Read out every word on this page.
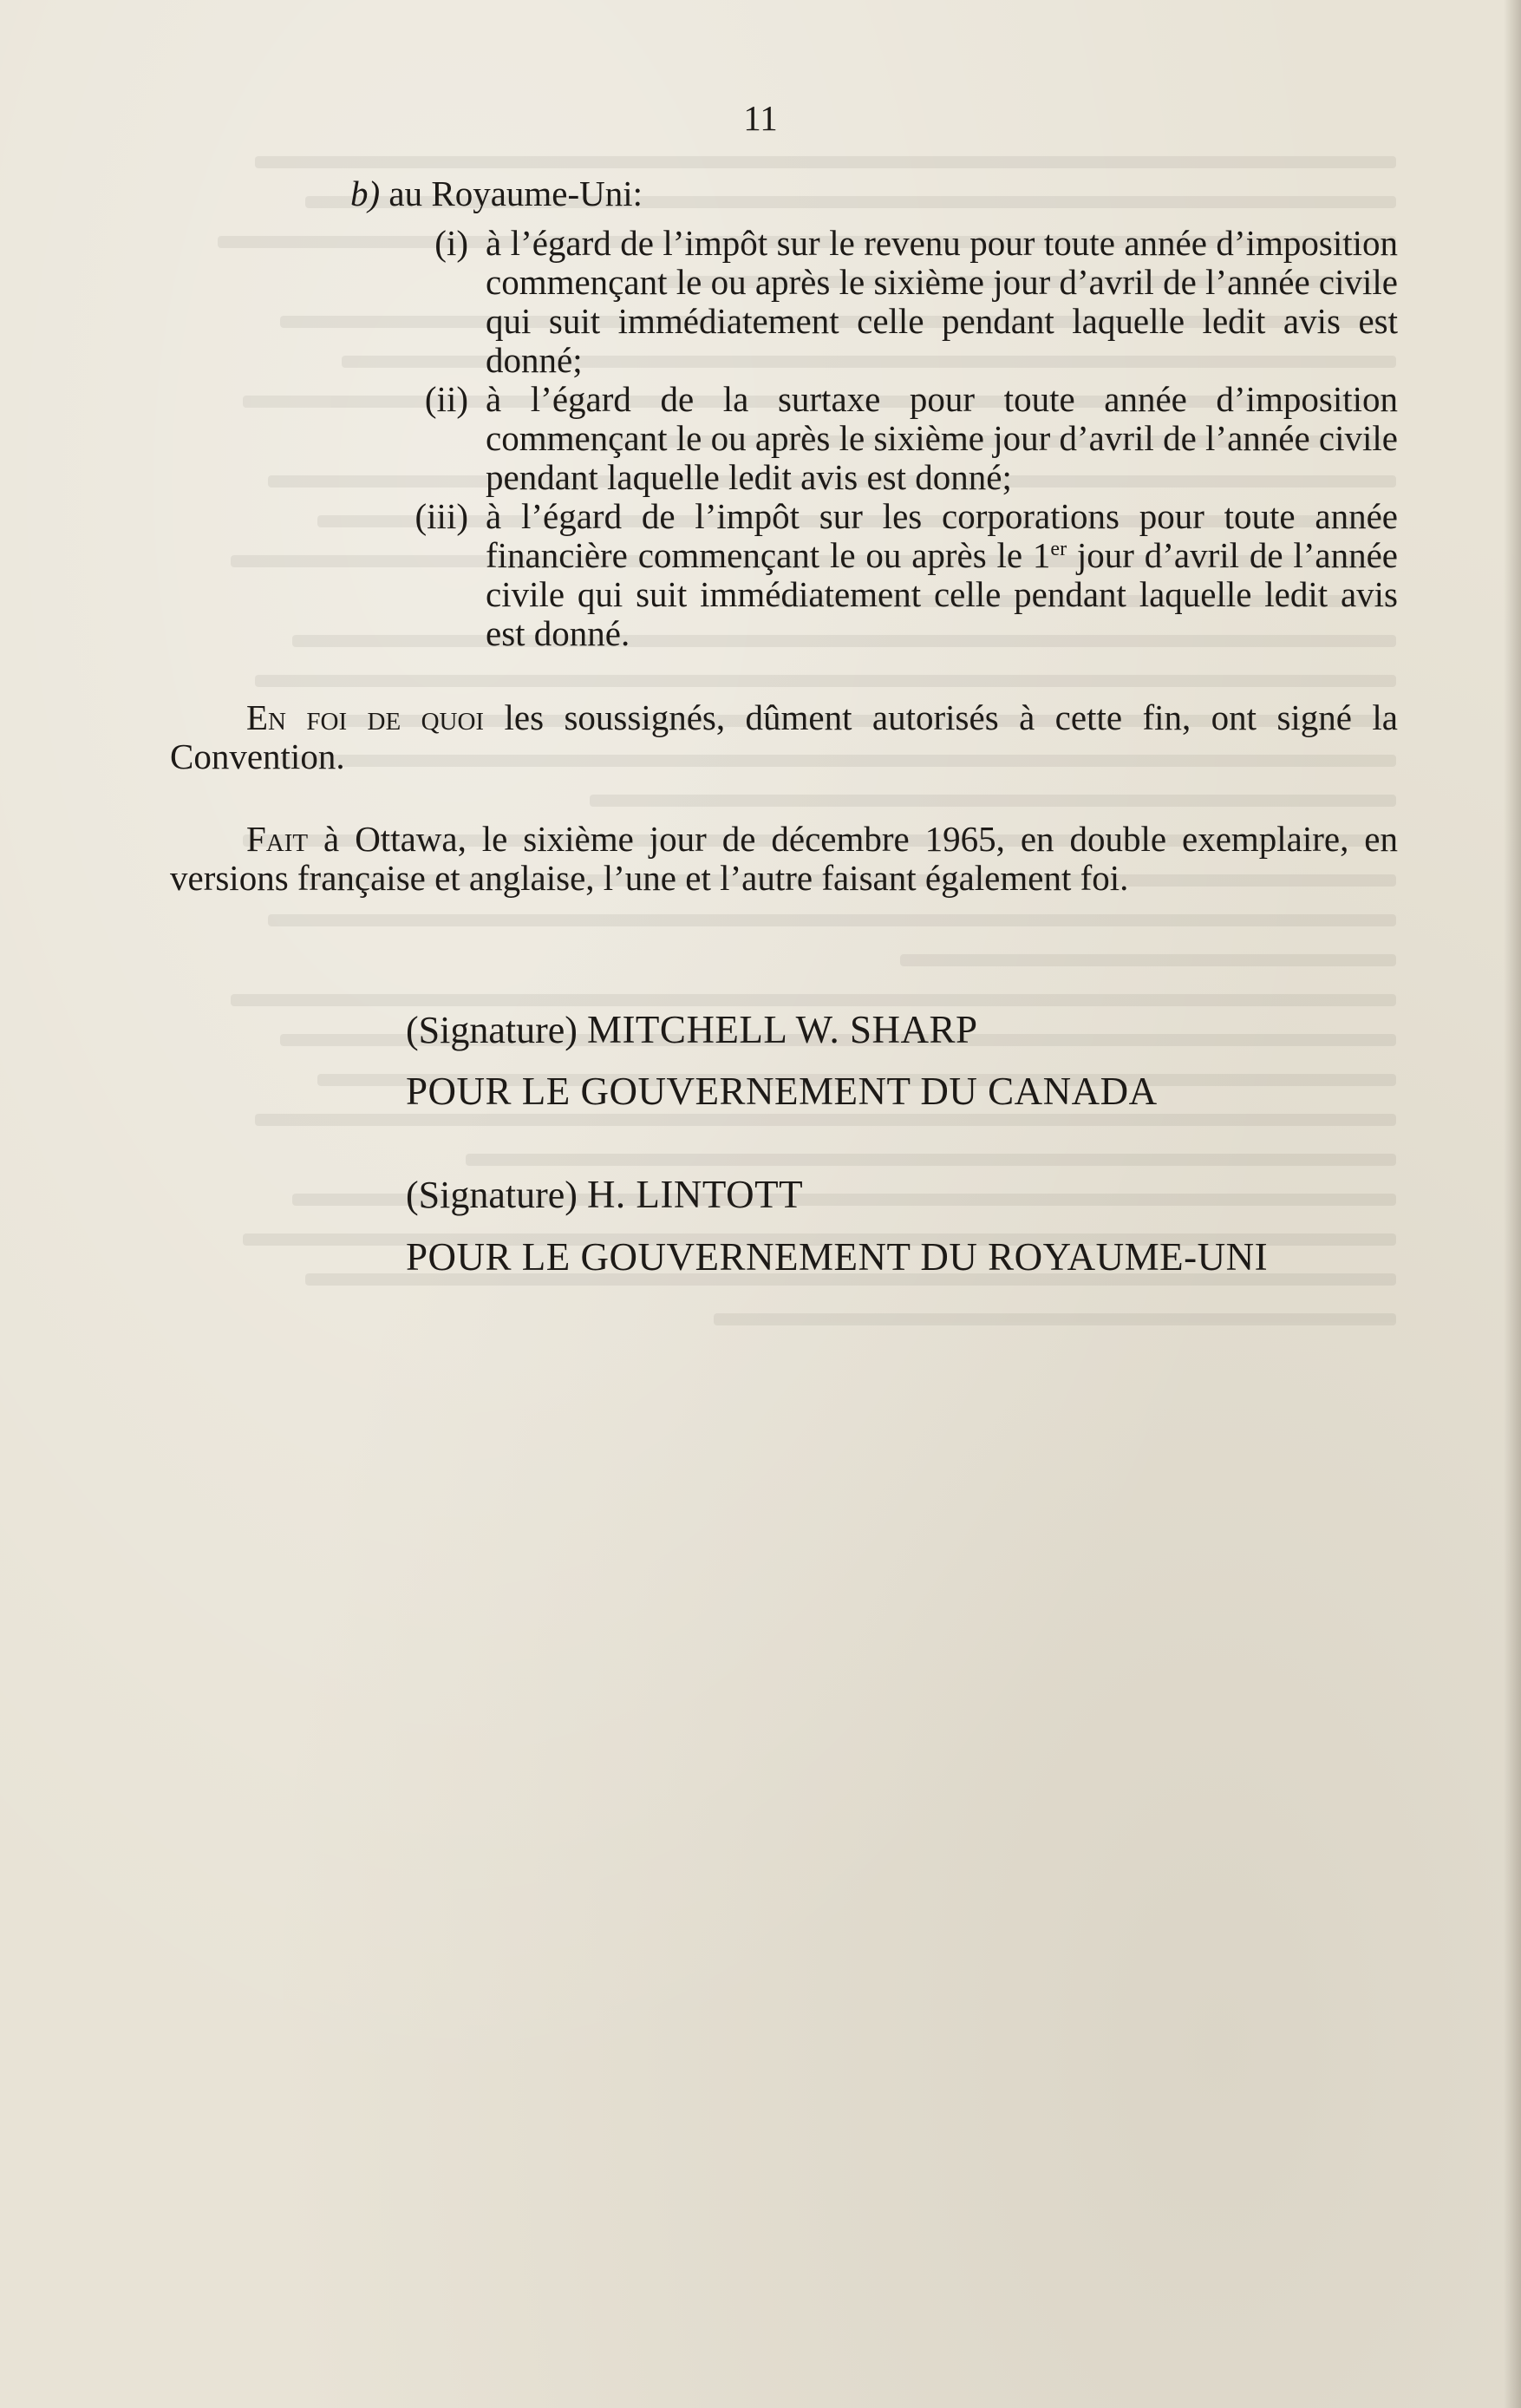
11
b) au Royaume-Uni:
(i) à l’égard de l’impôt sur le revenu pour toute année d’imposition commençant le ou après le sixième jour d’avril de l’année civile qui suit immédiatement celle pendant laquelle ledit avis est donné;
(ii) à l’égard de la surtaxe pour toute année d’imposition commençant le ou après le sixième jour d’avril de l’année civile pendant laquelle ledit avis est donné;
(iii) à l’égard de l’impôt sur les corporations pour toute année financière commençant le ou après le 1er jour d’avril de l’année civile qui suit immédiatement celle pendant laquelle ledit avis est donné.
En foi de quoi les soussignés, dûment autorisés à cette fin, ont signé la Convention.
Fait à Ottawa, le sixième jour de décembre 1965, en double exemplaire, en versions française et anglaise, l’une et l’autre faisant également foi.
(Signature) MITCHELL W. SHARP
POUR LE GOUVERNEMENT DU CANADA
(Signature) H. LINTOTT
POUR LE GOUVERNEMENT DU ROYAUME-UNI
